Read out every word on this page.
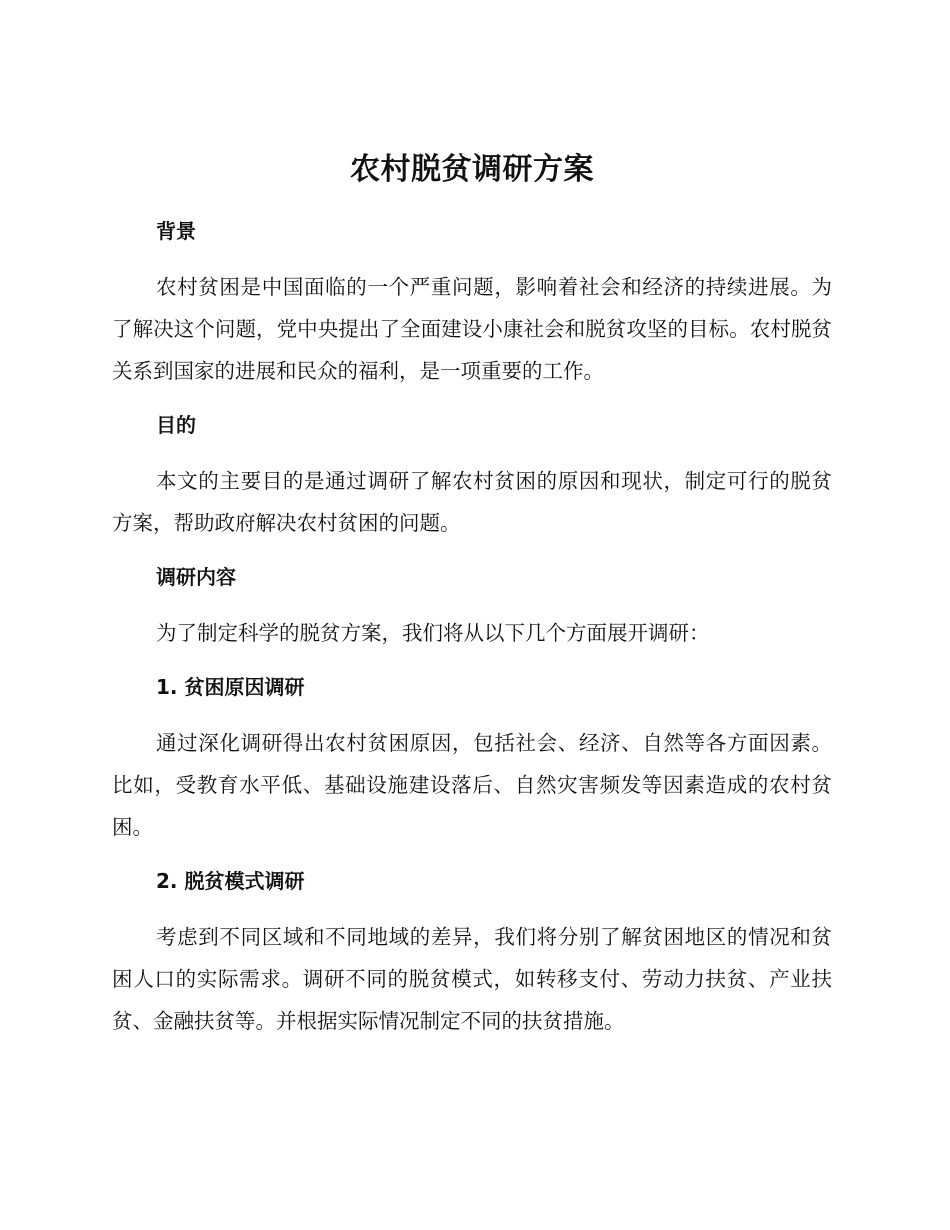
农村脱贫调研方案
背景

农村贫困是中国面临的一个严重问题，影响着社会和经济的持续进展。为了解决这个问题，党中央提出了全面建设小康社会和脱贫攻坚的目标。农村脱贫关系到国家的进展和民众的福利，是一项重要的工作。

目的

本文的主要目的是通过调研了解农村贫困的原因和现状，制定可行的脱贫方案，帮助政府解决农村贫困的问题。

调研内容

为了制定科学的脱贫方案，我们将从以下几个方面展开调研：

1. 贫困原因调研

通过深化调研得出农村贫困原因，包括社会、经济、自然等各方面因素。比如，受教育水平低、基础设施建设落后、自然灾害频发等因素造成的农村贫困。

2. 脱贫模式调研

考虑到不同区域和不同地域的差异，我们将分别了解贫困地区的情况和贫困人口的实际需求。调研不同的脱贫模式，如转移支付、劳动力扶贫、产业扶贫、金融扶贫等。并根据实际情况制定不同的扶贫措施。
